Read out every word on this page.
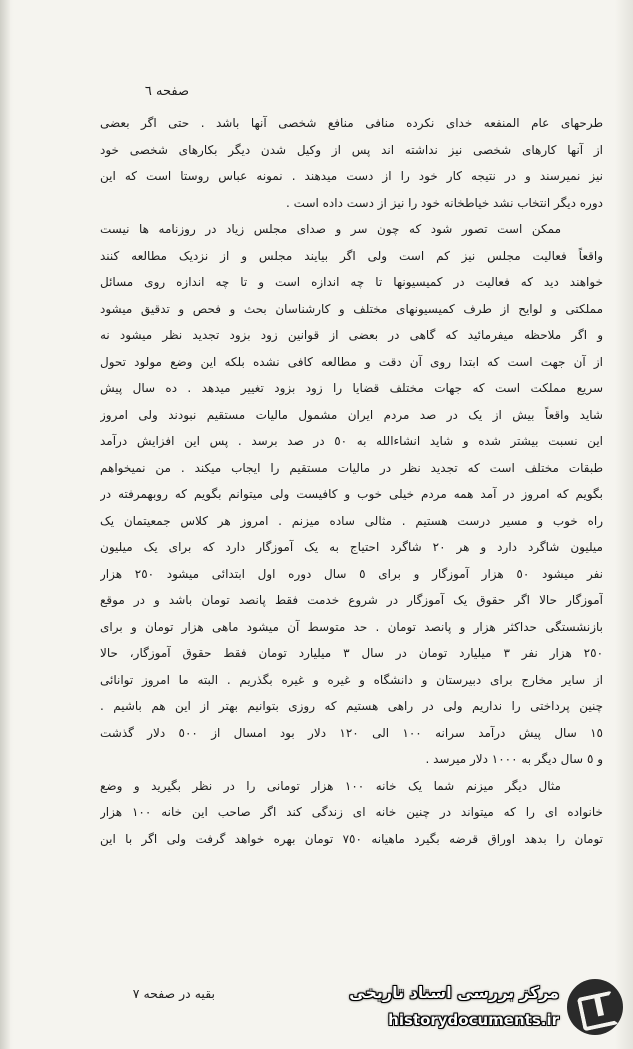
صفحه ٦
طرحهای عام المنفعه خدای نکرده منافی منافع شخصی آنها باشد . حتی اگر بعضی
از آنها کارهای شخصی نیز نداشته اند پس از وکیل شدن دیگر بکارهای شخصی خود
نیز نمیرسند و در نتیجه کار خود را از دست میدهند . نمونه عباس روستا است که این
دوره دیگر انتخاب نشد خیاطخانه خود را نیز از دست داده است .
ممکن است تصور شود که چون سر و صدای مجلس زیاد در روزنامه ها نیست
واقعاً فعالیت مجلس نیز کم است ولی اگر بیایند مجلس و از نزدیک مطالعه کنند
خواهند دید که فعالیت در کمیسیونها تا چه اندازه است و تا چه اندازه روی مسائل
مملکتی و لوایح از طرف کمیسیونهای مختلف و کارشناسان بحث و فحص و تدقیق میشود
و اگر ملاحظه میفرمائید که گاهی در بعضی از قوانین زود بزود تجدید نظر میشود نه
از آن جهت است که ابتدا روی آن دقت و مطالعه کافی نشده بلکه این وضع مولود تحول
سریع مملکت است که جهات مختلف قضایا را زود بزود تغییر میدهد . ده سال پیش
شاید واقعاً بیش از یک در صد مردم ایران مشمول مالیات مستقیم نبودند ولی امروز
این نسبت بیشتر شده و شاید انشاءالله به ٥٠ در صد برسد . پس این افزایش درآمد
طبقات مختلف است که تجدید نظر در مالیات مستقیم را ایجاب میکند . من نمیخواهم
بگویم که امروز در آمد همه مردم خیلی خوب و کافیست ولی میتوانم بگویم که روبهمرفته در
راه خوب و مسیر درست هستیم . مثالی ساده میزنم . امروز هر کلاس جمعیتمان یک
میلیون شاگرد دارد و هر ٢٠ شاگرد احتیاج به یک آموزگار دارد که برای یک میلیون
نفر میشود ٥٠ هزار آموزگار و برای ٥ سال دوره اول ابتدائی میشود ٢٥٠ هزار
آموزگار حالا اگر حقوق یک آموزگار در شروع خدمت فقط پانصد تومان باشد و در موقع
بازنشستگی حداکثر هزار و پانصد تومان . حد متوسط آن میشود ماهی هزار تومان و برای
٢٥٠ هزار نفر ٣ میلیارد تومان در سال ٣ میلیارد تومان فقط حقوق آموزگار، حالا
از سایر مخارج برای دبیرستان و دانشگاه و غیره و غیره بگذریم . البته ما امروز توانائی
چنین پرداختی را نداریم ولی در راهی هستیم که روزی بتوانیم بهتر از این هم باشیم .
١٥ سال پیش درآمد سرانه ١٠٠ الی ١٢٠ دلار بود امسال از ٥٠٠ دلار گذشت
و ٥ سال دیگر به ١٠٠٠ دلار میرسد .
مثال دیگر میزنم شما یک خانه ١٠٠ هزار تومانی را در نظر بگیرید و وضع
خانواده ای را که میتواند در چنین خانه ای زندگی کند اگر صاحب این خانه ١٠٠ هزار
تومان را بدهد اوراق قرضه بگیرد ماهیانه ٧٥٠ تومان بهره خواهد گرفت ولی اگر با این
بقیه در صفحه ٧	مرکز بررسی اسناد تاریخی
historydocuments.ir
